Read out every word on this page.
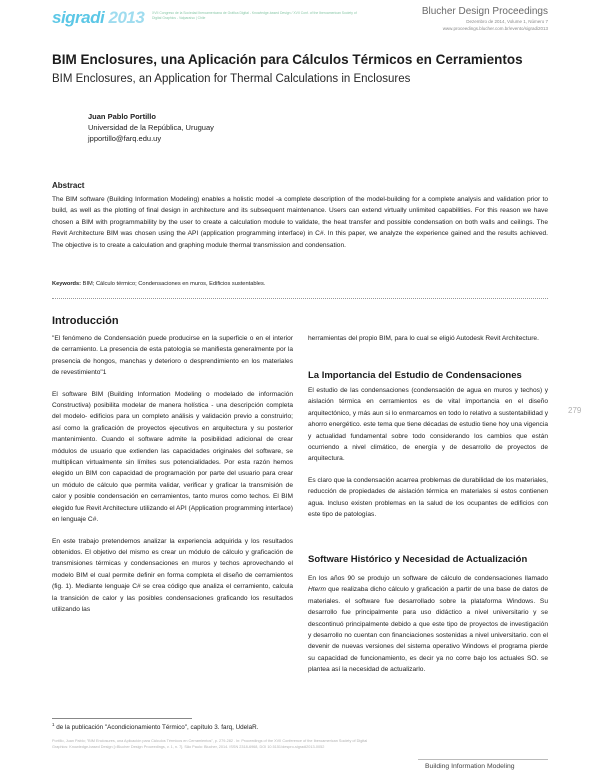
sigradi 2013 XVII Congreso de la Sociedad Iberoamericana de Gráfica Digital - Knowledge-based Design / XVII Conf. of the Iberoamerican Society of Digital Graphics - Valparaíso | Chile
Blucher Design Proceedings
Dezembro de 2014, Volume 1, Número 7
www.proceedings.blucher.com.br/evento/sigradi2013
BIM Enclosures, una Aplicación para Cálculos Térmicos en Cerramientos
BIM Enclosures, an Application for Thermal Calculations in Enclosures
Juan Pablo Portillo
Universidad de la República, Uruguay
jpportillo@farq.edu.uy
Abstract
The BIM software (Building Information Modeling) enables a holistic model -a complete description of the model-building for a complete analysis and validation prior to build, as well as the plotting of final design in architecture and its subsequent maintenance. Users can extend virtually unlimited capabilities. For this reason we have chosen a BIM with programmability by the user to create a calculation module to validate, the heat transfer and possible condensation on both walls and ceilings. The Revit Architecture BIM was chosen using the API (application programming interface) in C#. In this paper, we analyze the experience gained and the results achieved. The objective is to create a calculation and graphing module thermal transmission and condensation.
Keywords: BIM; Cálculo térmico; Condensaciones en muros, Edificios sustentables.
Introducción

"El fenómeno de Condensación puede producirse en la superficie o en el interior de cerramiento. La presencia de esta patología se manifiesta generalmente por la presencia de hongos, manchas y deterioro o desprendimiento en los materiales de revestimiento"1

El software BIM (Building Information Modeling o modelado de información Constructiva) posibilita modelar de manera holística - una descripción completa del modelo- edificios para un completo análisis y validación previo a construirlo; así como la graficación de proyectos ejecutivos en arquitectura y su posterior mantenimiento. Cuando el software admite la posibilidad adicional de crear módulos de usuario que extienden las capacidades originales del software, se multiplican virtualmente sin límites sus potencialidades. Por esta razón hemos elegido un BIM con capacidad de programación por parte del usuario para crear un módulo de cálculo que permita validar, verificar y graficar la transmisión de calor y posible condensación en cerramientos, tanto muros como techos. El BIM elegido fue Revit Architecture utilizando el API (Application programming interface) en lenguaje C#.

En este trabajo pretendemos analizar la experiencia adquirida y los resultados obtenidos. El objetivo del mismo es crear un módulo de cálculo y graficación de transmisiones térmicas y condensaciones en muros y techos aprovechando el modelo BIM el cual permite definir en forma completa el diseño de cerramientos (fig. 1). Mediante lenguaje C# se crea código que analiza el cerramiento, calcula la transición de calor y las posibles condensaciones graficando los resultados utilizando las

herramientas del propio BIM, para lo cual se eligió Autodesk Revit Architecture.
La Importancia del Estudio de Condensaciones

El estudio de las condensaciones (condensación de agua en muros y techos) y aislación térmica en cerramientos es de vital importancia en el diseño arquitectónico, y más aun si lo enmarcamos en todo lo relativo a sustentabilidad y ahorro energético. este tema que tiene décadas de estudio tiene hoy una vigencia y actualidad fundamental sobre todo considerando los cambios que están ocurriendo a nivel climático, de energía y de desarrollo de proyectos de arquitectura.

Es claro que la condensación acarrea problemas de durabilidad de los materiales, reducción de propiedades de aislación térmica en materiales si estos contienen agua. Incluso existen problemas en la salud de los ocupantes de edificios con este tipo de patologías.

Software Histórico y Necesidad de Actualización
En los años 90 se produjo un software de cálculo de condensaciones llamado Hterm que realizaba dicho cálculo y graficación a partir de una base de datos de materiales. el software fue desarrollado sobre la plataforma Windows. Su desarrollo fue principalmente para uso didáctico a nivel universitario y se descontinuó principalmente debido a que este tipo de proyectos de investigación y desarrollo no cuentan con financiaciones sostenidas a nivel universitario. con el devenir de nuevas versiones del sistema operativo Windows el programa pierde su capacidad de funcionamiento, es decir ya no corre bajo los actuales SO. se plantea así la necesidad de actualizarlo.
279
$^1$ de la publicación "Acondicionamiento Térmico", capítulo 3. farq, UdelaR.
Portillo, Juan Pablo; "BIM Enclosures, una Aplicación para Cálculos Térmicos en Cerramientos", p. 279-282 . In: Proceedings of the XVII Conference of the Iberoamerican Society of Digital Graphics: Knowledge-based Design [=Blucher Design Proceedings, v. 1, n. 7]. São Paulo: Blucher, 2014. ISSN 2318-6968, DOI 10.5151/despro-sigradi2013-0052
Building Information Modeling
